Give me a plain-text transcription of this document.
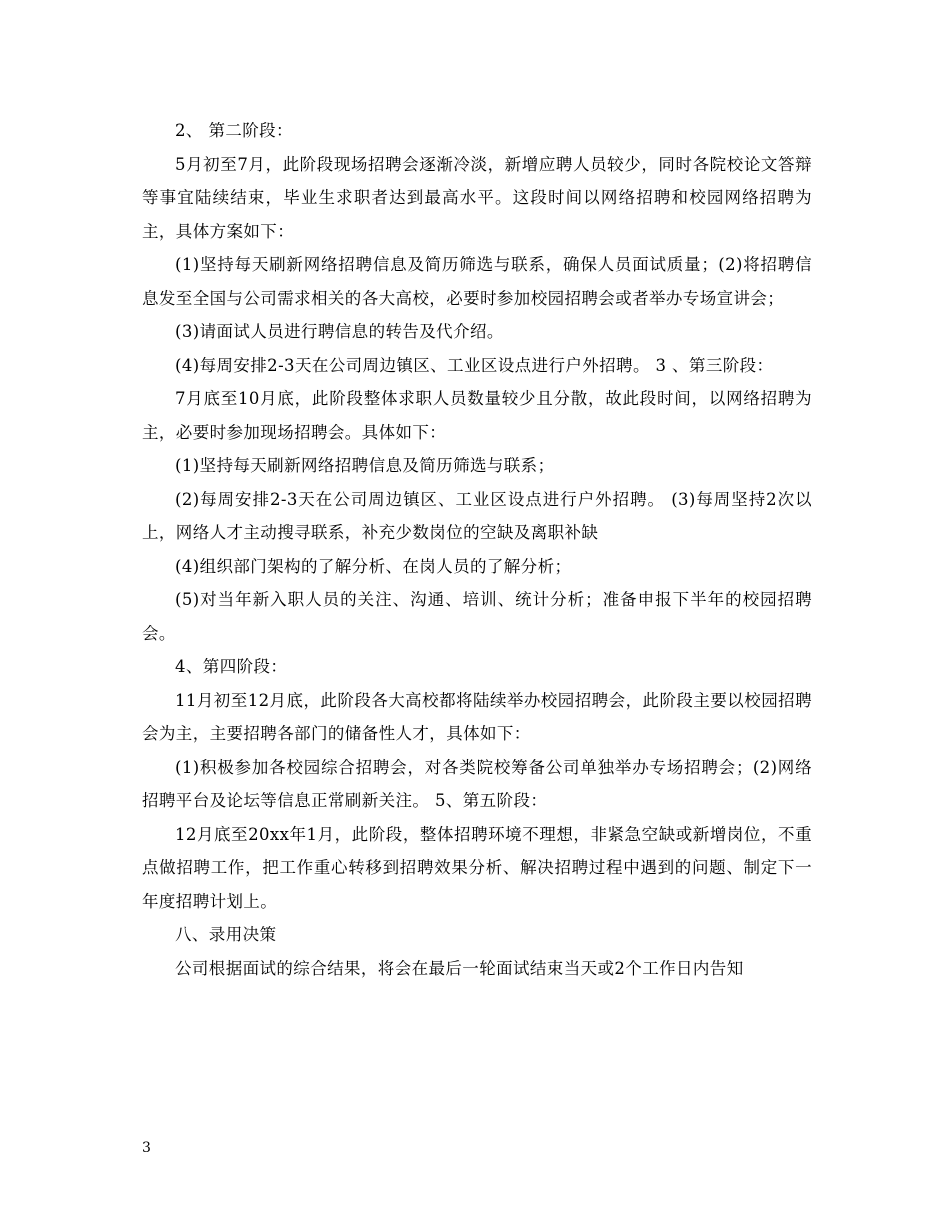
2、 第二阶段：

5月初至7月，此阶段现场招聘会逐渐冷淡，新增应聘人员较少，同时各院校论文答辩等事宜陆续结束，毕业生求职者达到最高水平。这段时间以网络招聘和校园网络招聘为主，具体方案如下：

(1)坚持每天刷新网络招聘信息及简历筛选与联系，确保人员面试质量；(2)将招聘信息发至全国与公司需求相关的各大高校，必要时参加校园招聘会或者举办专场宣讲会；

(3)请面试人员进行聘信息的转告及代介绍。

(4)每周安排2-3天在公司周边镇区、工业区设点进行户外招聘。 3 、第三阶段：

7月底至10月底，此阶段整体求职人员数量较少且分散，故此段时间，以网络招聘为主，必要时参加现场招聘会。具体如下：

(1)坚持每天刷新网络招聘信息及简历筛选与联系；

(2)每周安排2-3天在公司周边镇区、工业区设点进行户外招聘。 (3)每周坚持2次以上，网络人才主动搜寻联系，补充少数岗位的空缺及离职补缺

(4)组织部门架构的了解分析、在岗人员的了解分析；

(5)对当年新入职人员的关注、沟通、培训、统计分析；准备申报下半年的校园招聘会。

4、第四阶段：

11月初至12月底，此阶段各大高校都将陆续举办校园招聘会，此阶段主要以校园招聘会为主，主要招聘各部门的储备性人才，具体如下：

(1)积极参加各校园综合招聘会，对各类院校筹备公司单独举办专场招聘会；(2)网络招聘平台及论坛等信息正常刷新关注。 5、第五阶段：

12月底至20xx年1月，此阶段，整体招聘环境不理想，非紧急空缺或新增岗位，不重点做招聘工作，把工作重心转移到招聘效果分析、解决招聘过程中遇到的问题、制定下一年度招聘计划上。

八、录用决策

公司根据面试的综合结果，将会在最后一轮面试结束当天或2个工作日内告知

3
